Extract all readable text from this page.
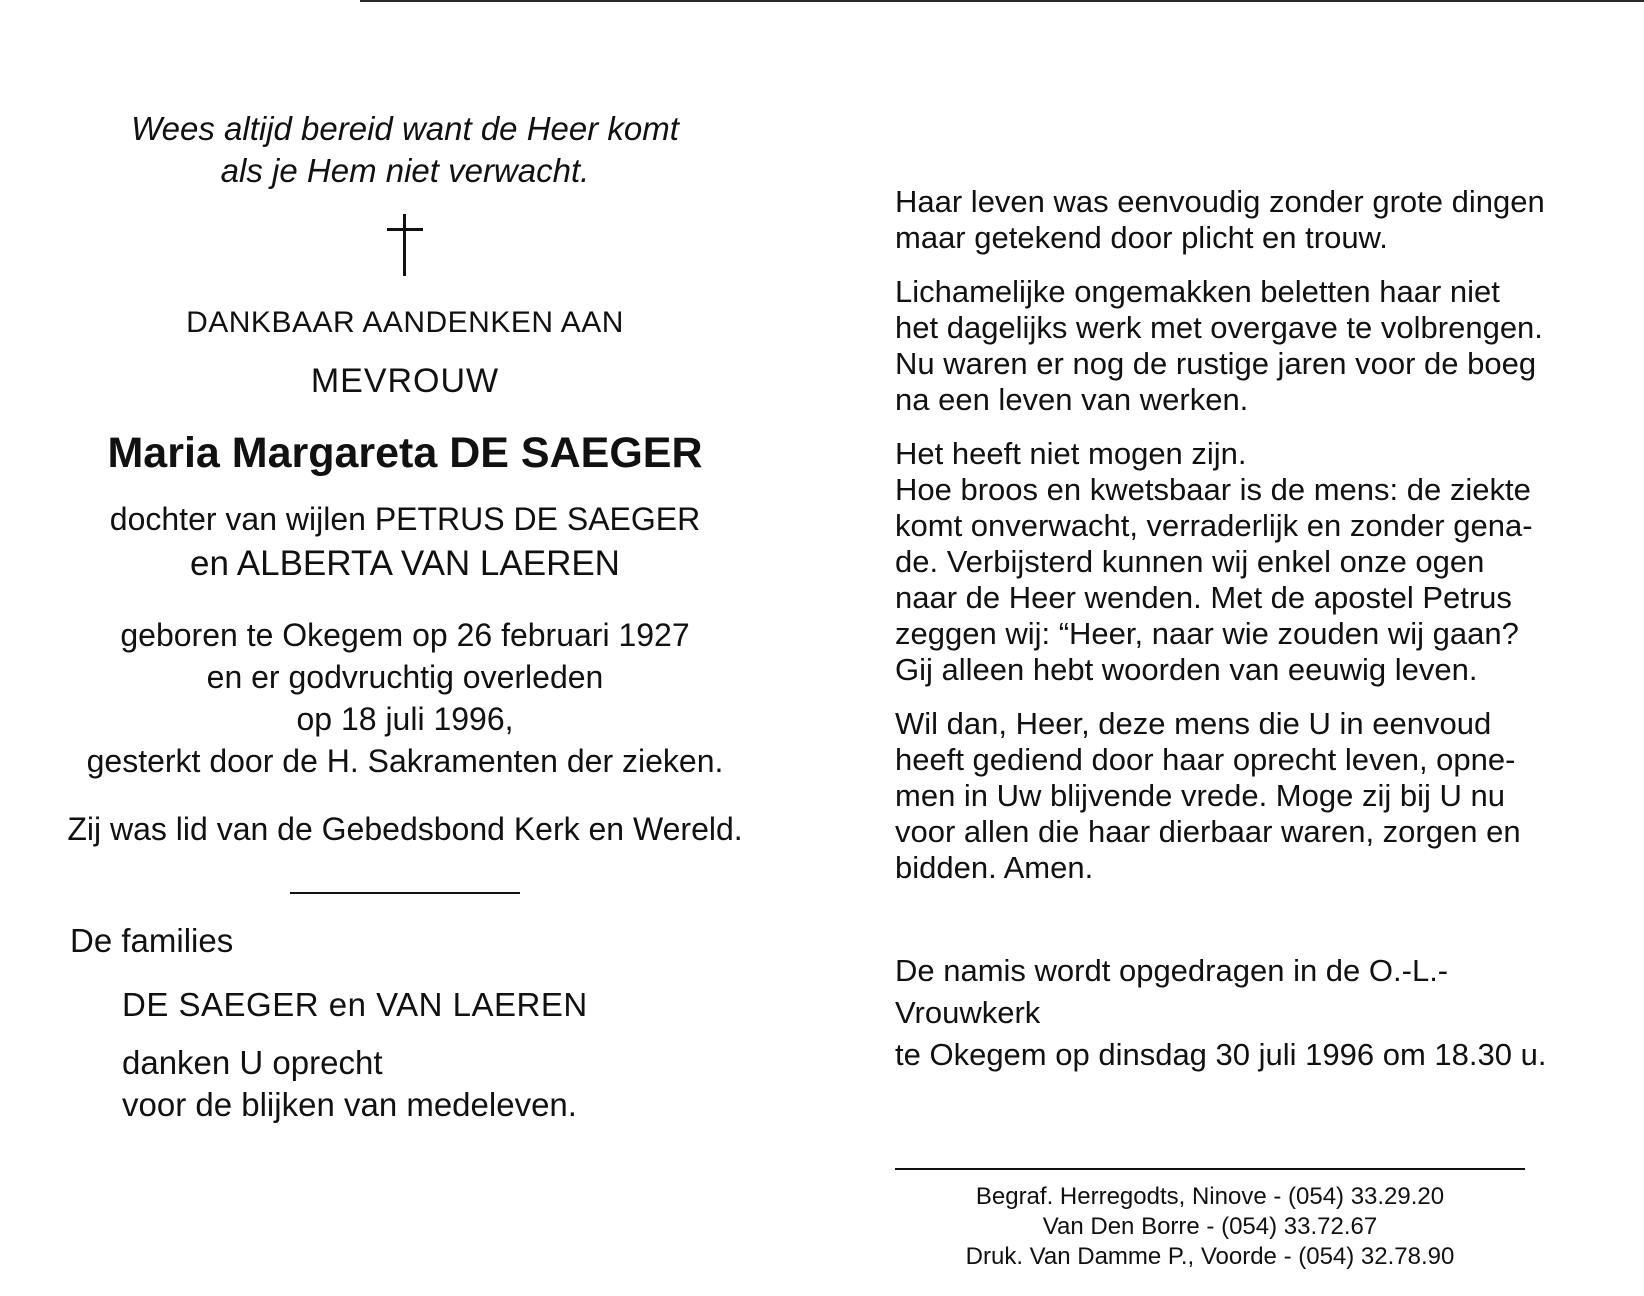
Wees altijd bereid want de Heer komt

als je Hem niet verwacht.

DANKBAAR AANDENKEN AAN

MEVROUW

Maria Margareta DE SAEGER

dochter van wijlen PETRUS DE SAEGER

en ALBERTA VAN LAEREN

geboren te Okegem op 26 februari 1927

en er godvruchtig overleden

op 18 juli 1996,

gesterkt door de H. Sakramenten der zieken.

Zij was lid van de Gebedsbond Kerk en Wereld.

De families

DE SAEGER en VAN LAEREN

danken U oprecht

voor de blijken van medeleven.

Haar leven was eenvoudig zonder grote dingen
maar getekend door plicht en trouw.

Lichamelijke ongemakken beletten haar niet
het dagelijks werk met overgave te volbrengen.
Nu waren er nog de rustige jaren voor de boeg
na een leven van werken.

Het heeft niet mogen zijn.
Hoe broos en kwetsbaar is de mens: de ziekte
komt onverwacht, verraderlijk en zonder gena-
de. Verbijsterd kunnen wij enkel onze ogen
naar de Heer wenden. Met de apostel Petrus
zeggen wij: “Heer, naar wie zouden wij gaan?
Gij alleen hebt woorden van eeuwig leven.

Wil dan, Heer, deze mens die U in eenvoud
heeft gediend door haar oprecht leven, opne-
men in Uw blijvende vrede. Moge zij bij U nu
voor allen die haar dierbaar waren, zorgen en
bidden. Amen.

De namis wordt opgedragen in de O.-L.-Vrouwkerk
te Okegem op dinsdag 30 juli 1996 om 18.30 u.

Begraf. Herregodts, Ninove - (054) 33.29.20
Van Den Borre - (054) 33.72.67
Druk. Van Damme P., Voorde - (054) 32.78.90
